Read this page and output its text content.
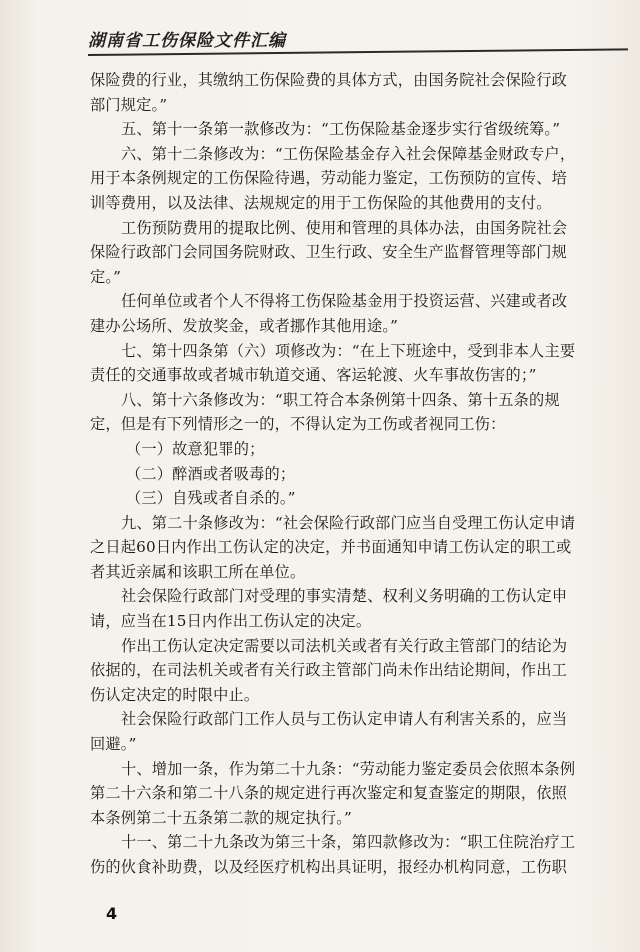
湖南省工伤保险文件汇编
保险费的行业，其缴纳工伤保险费的具体方式，由国务院社会保险行政
部门规定。”
五、第十一条第一款修改为：“工伤保险基金逐步实行省级统筹。”
六、第十二条修改为：“工伤保险基金存入社会保障基金财政专户，
用于本条例规定的工伤保险待遇，劳动能力鉴定，工伤预防的宣传、培
训等费用，以及法律、法规规定的用于工伤保险的其他费用的支付。
工伤预防费用的提取比例、使用和管理的具体办法，由国务院社会
保险行政部门会同国务院财政、卫生行政、安全生产监督管理等部门规
定。”
任何单位或者个人不得将工伤保险基金用于投资运营、兴建或者改
建办公场所、发放奖金，或者挪作其他用途。”
七、第十四条第（六）项修改为：“在上下班途中，受到非本人主要
责任的交通事故或者城市轨道交通、客运轮渡、火车事故伤害的；”
八、第十六条修改为：“职工符合本条例第十四条、第十五条的规
定，但是有下列情形之一的，不得认定为工伤或者视同工伤：
（一）故意犯罪的；
（二）醉酒或者吸毒的；
（三）自残或者自杀的。”
九、第二十条修改为：“社会保险行政部门应当自受理工伤认定申请
之日起60日内作出工伤认定的决定，并书面通知申请工伤认定的职工或
者其近亲属和该职工所在单位。
社会保险行政部门对受理的事实清楚、权利义务明确的工伤认定申
请，应当在15日内作出工伤认定的决定。
作出工伤认定决定需要以司法机关或者有关行政主管部门的结论为
依据的，在司法机关或者有关行政主管部门尚未作出结论期间，作出工
伤认定决定的时限中止。
社会保险行政部门工作人员与工伤认定申请人有利害关系的，应当
回避。”
十、增加一条，作为第二十九条：“劳动能力鉴定委员会依照本条例
第二十六条和第二十八条的规定进行再次鉴定和复查鉴定的期限，依照
本条例第二十五条第二款的规定执行。”
十一、第二十九条改为第三十条，第四款修改为：“职工住院治疗工
伤的伙食补助费，以及经医疗机构出具证明，报经办机构同意，工伤职
4
